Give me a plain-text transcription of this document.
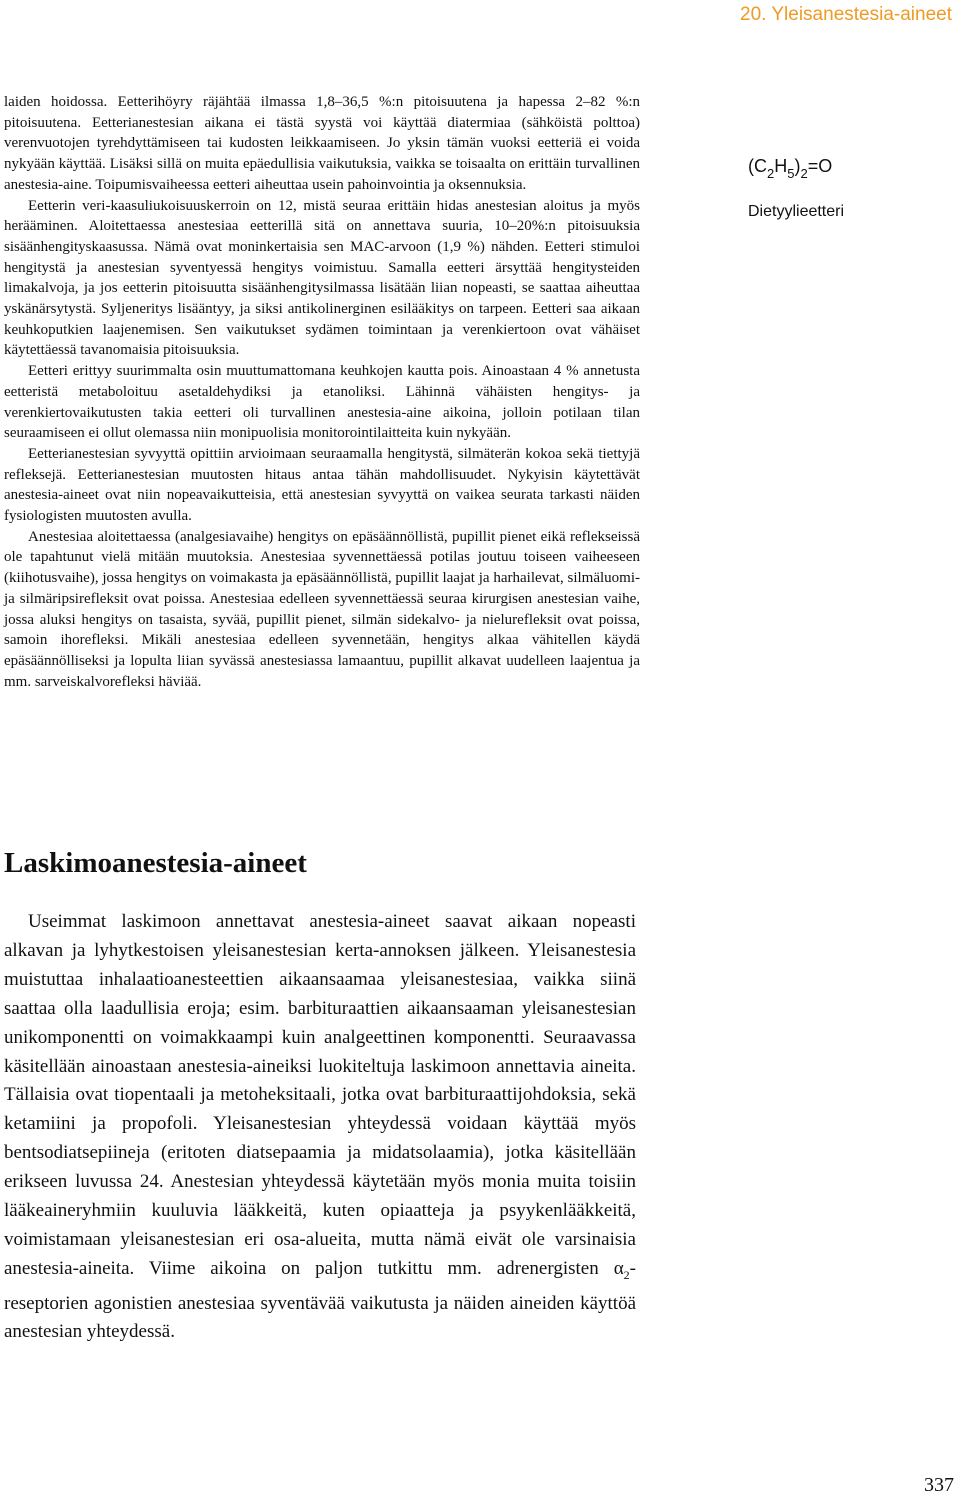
20. Yleisanestesia-aineet

laiden hoidossa. Eetterihöyry räjähtää ilmassa 1,8–36,5 %:n pitoisuutena ja hapessa 2–82 %:n pitoisuutena. Eetterianestesian aikana ei tästä syystä voi käyttää diatermiaa (sähköistä polttoa) verenvuotojen tyrehdyttämiseen tai kudosten leikkaamiseen. Jo yksin tämän vuoksi eetteriä ei voida nykyään käyttää. Lisäksi sillä on muita epäedullisia vaikutuksia, vaikka se toisaalta on erittäin turvallinen anestesia-aine. Toipumisvaiheessa eetteri aiheuttaa usein pahoinvointia ja oksennuksia.

Eetterin veri-kaasuliukoisuuskerroin on 12, mistä seuraa erittäin hidas anestesian aloitus ja myös herääminen. Aloitettaessa anestesiaa eetterillä sitä on annettava suuria, 10–20%:n pitoisuuksia sisäänhengityskaasussa. Nämä ovat moninkertaisia sen MAC-arvoon (1,9 %) nähden. Eetteri stimuloi hengitystä ja anestesian syventyessä hengitys voimistuu. Samalla eetteri ärsyttää hengitysteiden limakalvoja, ja jos eetterin pitoisuutta sisäänhengitysilmassa lisätään liian nopeasti, se saattaa aiheuttaa yskänärsytystä. Syljeneritys lisääntyy, ja siksi antikolinerginen esilääkitys on tarpeen. Eetteri saa aikaan keuhkoputkien laajenemisen. Sen vaikutukset sydämen toimintaan ja verenkiertoon ovat vähäiset käytettäessä tavanomaisia pitoisuuksia.

Eetteri erittyy suurimmalta osin muuttumattomana keuhkojen kautta pois. Ainoastaan 4 % annetusta eetteristä metaboloituu asetaldehydiksi ja etanoliksi. Lähinnä vähäisten hengitys- ja verenkiertovaikutusten takia eetteri oli turvallinen anestesia-aine aikoina, jolloin potilaan tilan seuraamiseen ei ollut olemassa niin monipuolisia monitorointilaitteita kuin nykyään.

Eetterianestesian syvyyttä opittiin arvioimaan seuraamalla hengitystä, silmäterän kokoa sekä tiettyjä refleksejä. Eetterianestesian muutosten hitaus antaa tähän mahdollisuudet. Nykyisin käytettävät anestesia-aineet ovat niin nopeavaikutteisia, että anestesian syvyyttä on vaikea seurata tarkasti näiden fysiologisten muutosten avulla.

Anestesiaa aloitettaessa (analgesiavaihe) hengitys on epäsäännöllistä, pupillit pienet eikä reflekseissä ole tapahtunut vielä mitään muutoksia. Anestesiaa syvennettäessä potilas joutuu toiseen vaiheeseen (kiihotusvaihe), jossa hengitys on voimakasta ja epäsäännöllistä, pupillit laajat ja harhailevat, silmäluomi- ja silmäripsirefleksit ovat poissa. Anestesiaa edelleen syvennettäessä seuraa kirurgisen anestesian vaihe, jossa aluksi hengitys on tasaista, syvää, pupillit pienet, silmän sidekalvo- ja nielurefleksit ovat poissa, samoin ihorefleksi. Mikäli anestesiaa edelleen syvennetään, hengitys alkaa vähitellen käydä epäsäännölliseksi ja lopulta liian syvässä anestesiassa lamaantuu, pupillit alkavat uudelleen laajentua ja mm. sarveiskalvorefleksi häviää.

$(C_2H_5)_2=O$
Dietyylieetteri
Laskimoanestesia-aineet

Useimmat laskimoon annettavat anestesia-aineet saavat aikaan nopeasti alkavan ja lyhytkestoisen yleisanestesian kerta-annoksen jälkeen. Yleisanestesia muistuttaa inhalaatioanesteettien aikaansaamaa yleisanestesiaa, vaikka siinä saattaa olla laadullisia eroja; esim. barbituraattien aikaansaaman yleisanestesian unikomponentti on voimakkaampi kuin analgeettinen komponentti. Seuraavassa käsitellään ainoastaan anestesia-aineiksi luokiteltuja laskimoon annettavia aineita. Tällaisia ovat tiopentaali ja metoheksitaali, jotka ovat barbituraattijohdoksia, sekä ketamiini ja propofoli. Yleisanestesian yhteydessä voidaan käyttää myös bentsodiatsepiineja (eritoten diatsepaamia ja midatsolaamia), jotka käsitellään erikseen luvussa 24. Anestesian yhteydessä käytetään myös monia muita toisiin lääkeaineryhmiin kuuluvia lääkkeitä, kuten opiaatteja ja psyykenlääkkeitä, voimistamaan yleisanestesian eri osa-alueita, mutta nämä eivät ole varsinaisia anestesia-aineita. Viime aikoina on paljon tutkittu mm. adrenergisten $\alpha_2$-reseptorien agonistien anestesiaa syventävää vaikutusta ja näiden aineiden käyttöä anestesian yhteydessä.

337
